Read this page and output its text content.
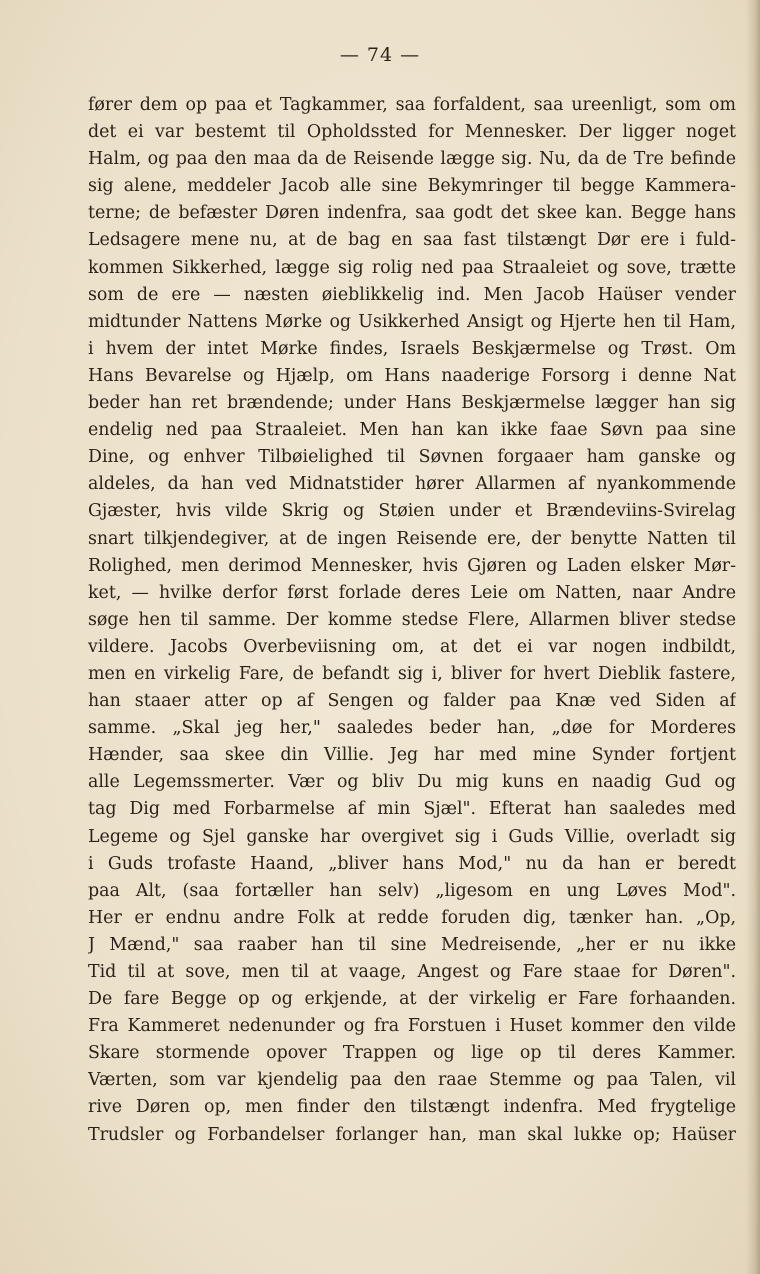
— 74 —
fører dem op paa et Tagkammer, saa forfaldent, saa ureenligt, som om
det ei var bestemt til Opholdssted for Mennesker. Der ligger noget
Halm, og paa den maa da de Reisende lægge sig. Nu, da de Tre befinde
sig alene, meddeler Jacob alle sine Bekymringer til begge Kammera-
terne; de befæster Døren indenfra, saa godt det skee kan. Begge hans
Ledsagere mene nu, at de bag en saa fast tilstængt Dør ere i fuld-
kommen Sikkerhed, lægge sig rolig ned paa Straaleiet og sove, trætte
som de ere — næsten øieblikkelig ind. Men Jacob Haüser vender
midtunder Nattens Mørke og Usikkerhed Ansigt og Hjerte hen til Ham,
i hvem der intet Mørke findes, Israels Beskjærmelse og Trøst. Om
Hans Bevarelse og Hjælp, om Hans naaderige Forsorg i denne Nat
beder han ret brændende; under Hans Beskjærmelse lægger han sig
endelig ned paa Straaleiet. Men han kan ikke faae Søvn paa sine
Dine, og enhver Tilbøielighed til Søvnen forgaaer ham ganske og
aldeles, da han ved Midnatstider hører Allarmen af nyankommende
Gjæster, hvis vilde Skrig og Støien under et Brændeviins-Svirelag
snart tilkjendegiver, at de ingen Reisende ere, der benytte Natten til
Rolighed, men derimod Mennesker, hvis Gjøren og Laden elsker Mør-
ket, — hvilke derfor først forlade deres Leie om Natten, naar Andre
søge hen til samme. Der komme stedse Flere, Allarmen bliver stedse
vildere. Jacobs Overbeviisning om, at det ei var nogen indbildt,
men en virkelig Fare, de befandt sig i, bliver for hvert Dieblik fastere,
han staaer atter op af Sengen og falder paa Knæ ved Siden af
samme. „Skal jeg her," saaledes beder han, „døe for Morderes
Hænder, saa skee din Villie. Jeg har med mine Synder fortjent
alle Legemssmerter. Vær og bliv Du mig kuns en naadig Gud og
tag Dig med Forbarmelse af min Sjæl". Efterat han saaledes med
Legeme og Sjel ganske har overgivet sig i Guds Villie, overladt sig
i Guds trofaste Haand, „bliver hans Mod," nu da han er beredt
paa Alt, (saa fortæller han selv) „ligesom en ung Løves Mod".
Her er endnu andre Folk at redde foruden dig, tænker han. „Op,
J Mænd," saa raaber han til sine Medreisende, „her er nu ikke
Tid til at sove, men til at vaage, Angest og Fare staae for Døren".
De fare Begge op og erkjende, at der virkelig er Fare forhaanden.
Fra Kammeret nedenunder og fra Forstuen i Huset kommer den vilde
Skare stormende opover Trappen og lige op til deres Kammer.
Værten, som var kjendelig paa den raae Stemme og paa Talen, vil
rive Døren op, men finder den tilstængt indenfra. Med frygtelige
Trudsler og Forbandelser forlanger han, man skal lukke op; Haüser
